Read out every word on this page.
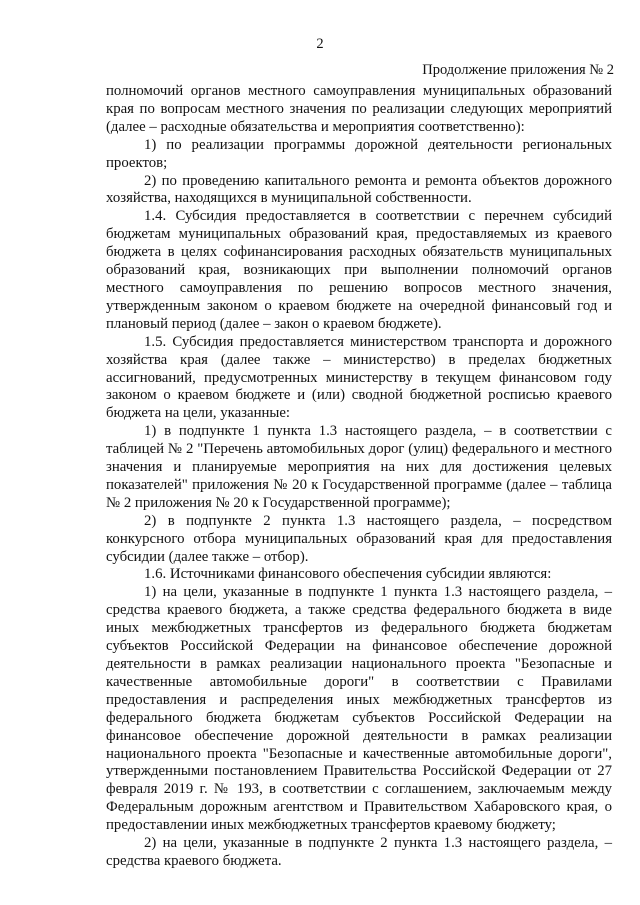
2
Продолжение приложения № 2

полномочий органов местного самоуправления муниципальных образований края по вопросам местного значения по реализации следующих мероприятий (далее – расходные обязательства и мероприятия соответственно):

1) по реализации программы дорожной деятельности региональных проектов;

2) по проведению капитального ремонта и ремонта объектов дорожного хозяйства, находящихся в муниципальной собственности.

1.4. Субсидия предоставляется в соответствии с перечнем субсидий бюджетам муниципальных образований края, предоставляемых из краевого бюджета в целях софинансирования расходных обязательств муниципальных образований края, возникающих при выполнении полномочий органов местного самоуправления по решению вопросов местного значения, утвержденным законом о краевом бюджете на очередной финансовый год и плановый период (далее – закон о краевом бюджете).

1.5. Субсидия предоставляется министерством транспорта и дорожного хозяйства края (далее также – министерство) в пределах бюджетных ассигнований, предусмотренных министерству в текущем финансовом году законом о краевом бюджете и (или) сводной бюджетной росписью краевого бюджета на цели, указанные:

1) в подпункте 1 пункта 1.3 настоящего раздела, – в соответствии с таблицей № 2 "Перечень автомобильных дорог (улиц) федерального и местного значения и планируемые мероприятия на них для достижения целевых показателей" приложения № 20 к Государственной программе (далее – таблица № 2 приложения № 20 к Государственной программе);

2) в подпункте 2 пункта 1.3 настоящего раздела, – посредством конкурсного отбора муниципальных образований края для предоставления субсидии (далее также – отбор).

1.6. Источниками финансового обеспечения субсидии являются:

1) на цели, указанные в подпункте 1 пункта 1.3 настоящего раздела, – средства краевого бюджета, а также средства федерального бюджета в виде иных межбюджетных трансфертов из федерального бюджета бюджетам субъектов Российской Федерации на финансовое обеспечение дорожной деятельности в рамках реализации национального проекта "Безопасные и качественные автомобильные дороги" в соответствии с Правилами предоставления и распределения иных межбюджетных трансфертов из федерального бюджета бюджетам субъектов Российской Федерации на финансовое обеспечение дорожной деятельности в рамках реализации национального проекта "Безопасные и качественные автомобильные дороги", утвержденными постановлением Правительства Российской Федерации от 27 февраля 2019 г. № 193, в соответствии с соглашением, заключаемым между Федеральным дорожным агентством и Правительством Хабаровского края, о предоставлении иных межбюджетных трансфертов краевому бюджету;

2) на цели, указанные в подпункте 2 пункта 1.3 настоящего раздела, – средства краевого бюджета.
